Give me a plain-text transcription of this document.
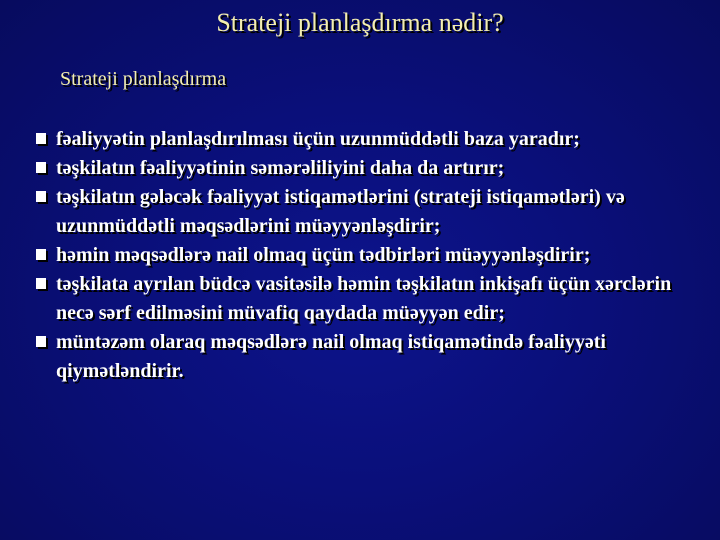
Strateji planlaşdırma nədir?
Strateji planlaşdırma
fəaliyyətin planlaşdırılması üçün uzunmüddətli baza yaradır;
təşkilatın fəaliyyətinin səmərəliliyini daha da artırır;
təşkilatın gələcək fəaliyyət istiqamətlərini (strateji istiqamətləri) və uzunmüddətli məqsədlərini müəyyənləşdirir;
həmin məqsədlərə nail olmaq üçün tədbirləri müəyyənləşdirir;
təşkilata ayrılan büdcə vasitəsilə həmin təşkilatın inkişafı üçün xərclərin necə sərf edilməsini müvafiq qaydada müəyyən edir;
müntəzəm olaraq məqsədlərə nail olmaq istiqamətində fəaliyyəti qiymətləndirir.
